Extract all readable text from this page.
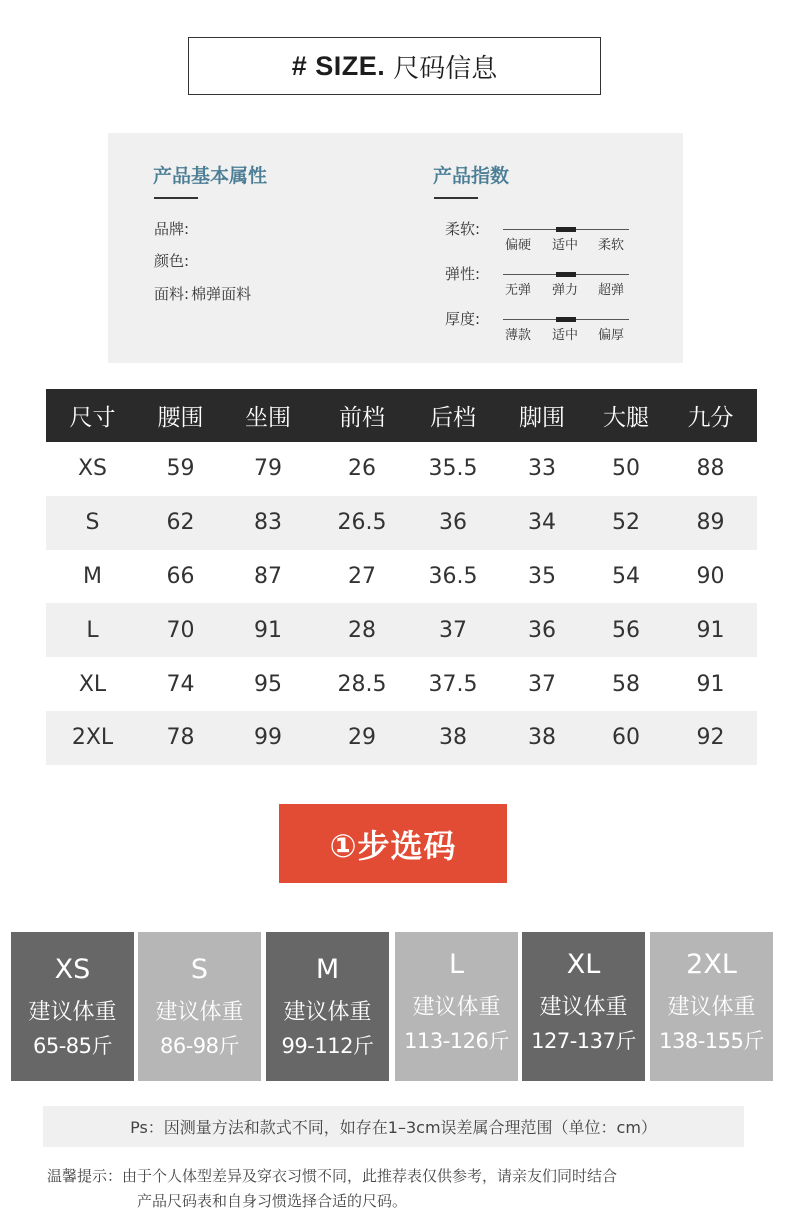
# SIZE. 尺码信息
产品基本属性	产品指数
品牌:
颜色:
面料: 棉弹面料
柔软:
偏硬 适中 柔软
弹性:
无弹 弹力 超弹
厚度:
薄款 适中 偏厚
尺寸	腰围	坐围	前档	后档	脚围	大腿	九分
XS	59	79	26	35.5	33	50	88
S	62	83	26.5	36	34	52	89
M	66	87	27	36.5	35	54	90
L	70	91	28	37	36	56	91
XL	74	95	28.5	37.5	37	58	91
2XL	78	99	29	38	38	60	92
①步选码
XS
建议体重
65-85斤
S
建议体重
86-98斤
M
建议体重
99-112斤
L
建议体重
113-126斤
XL
建议体重
127-137斤
2XL
建议体重
138-155斤
Ps：因测量方法和款式不同，如存在1–3cm误差属合理范围（单位：cm）
温馨提示：由于个人体型差异及穿衣习惯不同，此推荐表仅供参考，请亲友们同时结合
产品尺码表和自身习惯选择合适的尺码。
